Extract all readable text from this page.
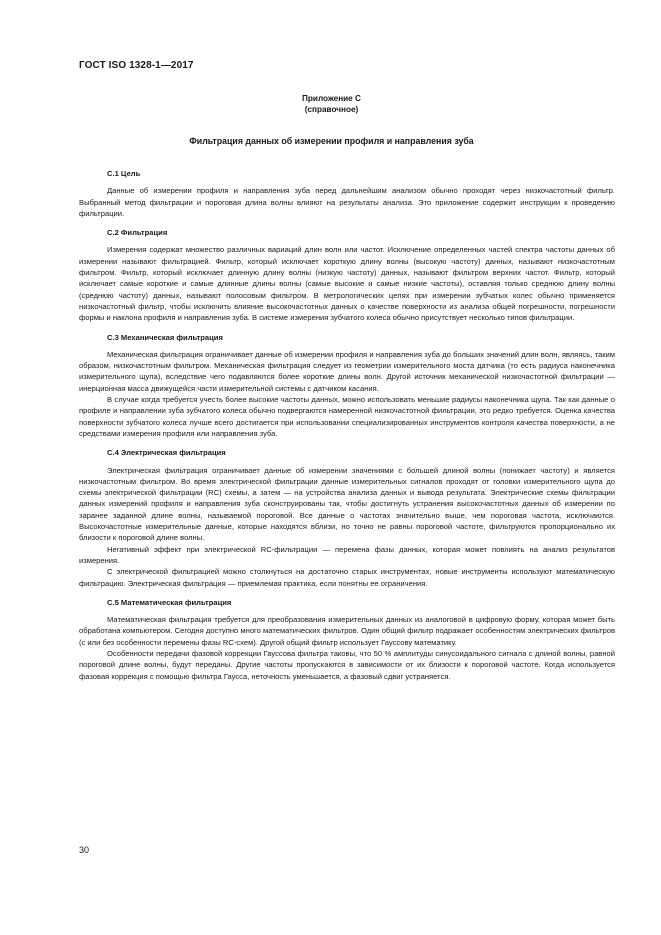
ГОСТ ISO 1328-1—2017
Приложение С
(справочное)
Фильтрация данных об измерении профиля и направления зуба
С.1 Цель

Данные об измерении профиля и направления зуба перед дальнейшим анализом обычно проходят через низкочастотный фильтр. Выбранный метод фильтрации и пороговая длина волны влияют на результаты анализа. Это приложение содержит инструкции к проведению фильтрации.

С.2 Фильтрация

Измерения содержат множество различных вариаций длин волн или частот. Исключение определенных частей спектра частоты данных об измерении называют фильтрацией. Фильтр, который исключает короткую длину волны (высокую частоту) данных, называют низкочастотным фильтром. Фильтр, который исключает длинную длину волны (низкую частоту) данных, называют фильтром верхних частот. Фильтр, который исключает самые короткие и самые длинные длины волны (самые высокие и самые низкие частоты), оставляя только среднюю длину волны (среднюю частоту) данных, называют полосовым фильтром. В метрологических целях при измерении зубчатых колес обычно применяется низкочастотный фильтр, чтобы исключить влияние высокочастотных данных о качестве поверхности из анализа общей погрешности, погрешности формы и наклона профиля и направления зуба. В системе измерения зубчатого колеса обычно присутствует несколько типов фильтрации.

С.3 Механическая фильтрация

Механическая фильтрация ограничивает данные об измерении профиля и направления зуба до больших значений длин волн, являясь, таким образом, низкочастотным фильтром. Механическая фильтрация следует из геометрии измерительного моста датчика (то есть радиуса наконечника измерительного щупа), вследствие чего подавляются более короткие длины волн. Другой источник механической низкочастотной фильтрации — инерционная масса движущейся части измерительной системы с датчиком касания.

В случае когда требуется учесть более высокие частоты данных, можно использовать меньшие радиусы наконечника щупа. Так как данные о профиле и направлении зуба зубчатого колеса обычно подвергаются намеренной низкочастотной фильтрации, это редко требуется. Оценка качества поверхности зубчатого колеса лучше всего достигается при использовании специализированных инструментов контроля качества поверхности, а не средствами измерения профиля или направления зуба.

С.4 Электрическая фильтрация

Электрическая фильтрация ограничивает данные об измерении значениями с большей длиной волны (понижает частоту) и является низкочастотным фильтром. Во время электрической фильтрации данные измерительных сигналов проходят от головки измерительного щупа до схемы электрической фильтрации (RC) схемы, а затем — на устройства анализа данных и вывода результата. Электрические схемы фильтрации данных измерений профиля и направления зуба сконструированы так, чтобы достигнуть устранения высокочастотных данных об измерении по заранее заданной длине волны, называемой пороговой. Все данные о частотах значительно выше, чем пороговая частота, исключаются. Высокочастотные измерительные данные, которые находятся вблизи, но точно не равны пороговой частоте, фильтруются пропорционально их близости к пороговой длине волны.

Негативный эффект при электрической RC-фильтрации — перемена фазы данных, которая может повлиять на анализ результатов измерения.

С электрической фильтрацией можно столкнуться на достаточно старых инструментах, новые инструменты используют математическую фильтрацию. Электрическая фильтрация — приемлемая практика, если понятны ее ограничения.

С.5 Математическая фильтрация

Математическая фильтрация требуется для преобразования измерительных данных из аналоговой в цифровую форму, которая может быть обработана компьютером. Сегодня доступно много математических фильтров. Один общий фильтр подражает особенностям электрических фильтров (с или без особенности перемены фазы RC-схем). Другой общий фильтр использует Гауссову математику.

Особенности передачи фазовой коррекции Гауссова фильтра таковы, что 50 % амплитуды синусоидального сигнала с длиной волны, равной пороговой длине волны, будут переданы. Другие частоты пропускаются в зависимости от их близости к пороговой частоте. Когда используется фазовая коррекция с помощью фильтра Гаусса, неточность уменьшается, а фазовый сдвиг устраняется.

30
